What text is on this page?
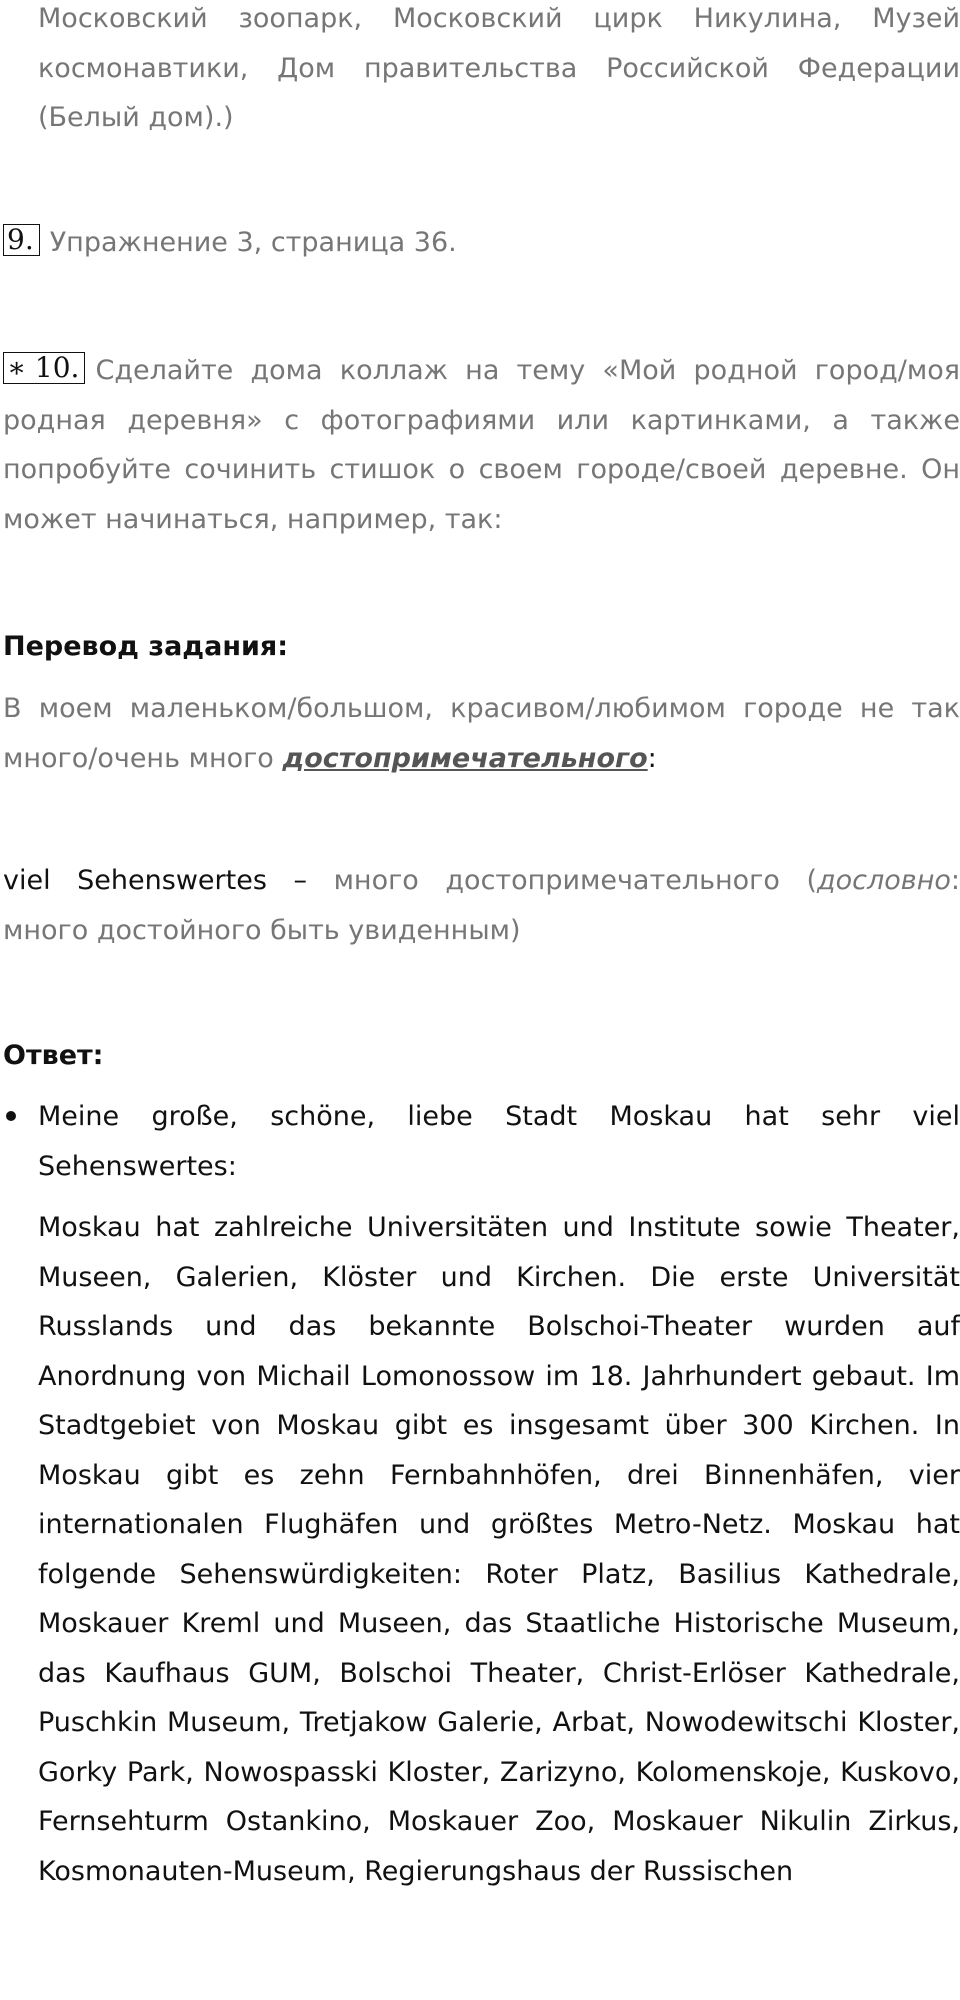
Московский зоопарк, Московский цирк Никулина, Музей космонавтики, Дом правительства Российской Федерации (Белый дом).)
9. Упражнение 3, страница 36.
∗ 10. Сделайте дома коллаж на тему «Мой родной город/моя родная деревня» с фотографиями или картинками, а также попробуйте сочинить стишок о своем городе/своей деревне. Он может начинаться, например, так:
Перевод задания:
В моем маленьком/большом, красивом/любимом городе не так много/очень много достопримечательного:
viel Sehenswertes – много достопримечательного (дословно: много достойного быть увиденным)
Ответ:
Meine große, schöne, liebe Stadt Moskau hat sehr viel Sehenswertes:
Moskau hat zahlreiche Universitäten und Institute sowie Theater, Museen, Galerien, Klöster und Kirchen. Die erste Universität Russlands und das bekannte Bolschoi-Theater wurden auf Anordnung von Michail Lomonossow im 18. Jahrhundert gebaut. Im Stadtgebiet von Moskau gibt es insgesamt über 300 Kirchen. In Moskau gibt es zehn Fernbahnhöfen, drei Binnenhäfen, vier internationalen Flughäfen und größtes Metro-Netz. Moskau hat folgende Sehenswürdigkeiten: Roter Platz, Basilius Kathedrale, Moskauer Kreml und Museen, das Staatliche Historische Museum, das Kaufhaus GUM, Bolschoi Theater, Christ-Erlöser Kathedrale, Puschkin Museum, Tretjakow Galerie, Arbat, Nowodewitschi Kloster, Gorky Park, Nowospasski Kloster, Zarizyno, Kolomenskoje, Kuskovo, Fernsehturm Ostankino, Moskauer Zoo, Moskauer Nikulin Zirkus, Kosmonauten-Museum, Regierungshaus der Russischen
